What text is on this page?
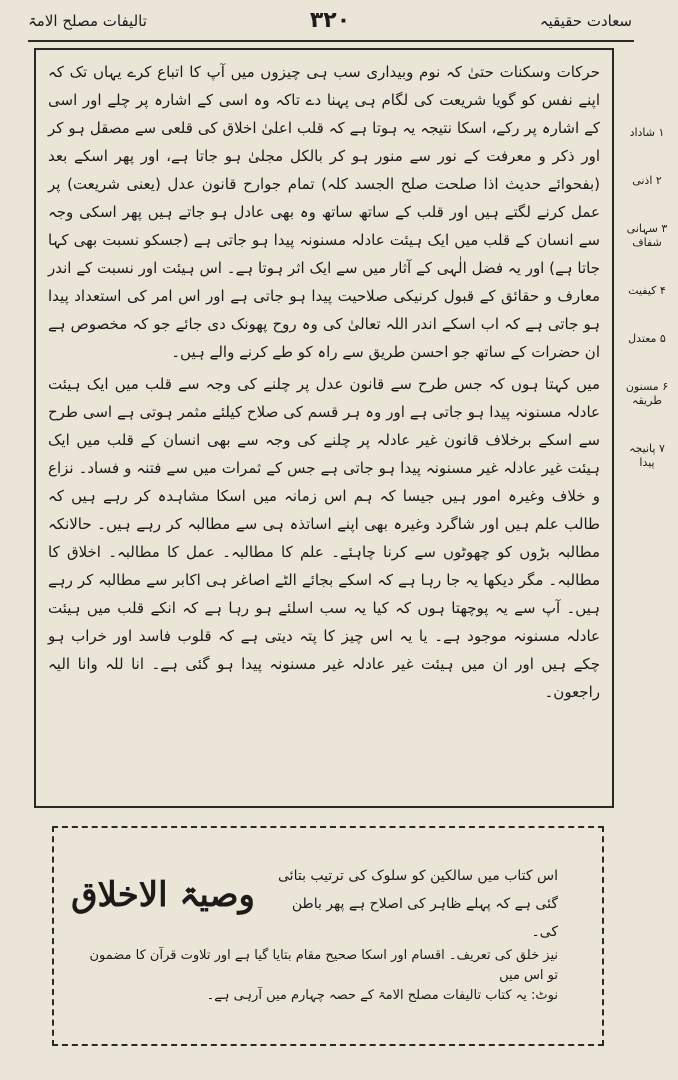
سعادت حقیقیہ
۳۲۰
تالیفات مصلح الامۃ

حرکات وسکنات حتیٰ کہ نوم وبیداری سب ہی چیزوں میں آپ کا اتباع کرے یہاں تک کہ اپنے نفس کو گویا شریعت کی لگام ہی پہنا دے تاکہ وہ اسی کے اشارہ پر چلے اور اسی کے اشارہ پر رکے، اسکا نتیجہ یہ ہوتا ہے کہ قلب اعلیٰ اخلاق کی قلعی سے مصقل ہو کر اور ذکر و معرفت کے نور سے منور ہو کر بالکل مجلیٰ ہو جاتا ہے، اور پھر اسکے بعد (بفحوائے حدیث اذا صلحت صلح الجسد کلہ) تمام جوارح قانون عدل (یعنی شریعت) پر عمل کرنے لگتے ہیں اور قلب کے ساتھ ساتھ وہ بھی عادل ہو جاتے ہیں پھر اسکی وجہ سے انسان کے قلب میں ایک ہیئت عادلہ مسنونہ پیدا ہو جاتی ہے (جسکو نسبت بھی کہا جاتا ہے) اور یہ فضل الٰہی کے آثار میں سے ایک اثر ہوتا ہے۔ اس ہیئت اور نسبت کے اندر معارف و حقائق کے قبول کرنیکی صلاحیت پیدا ہو جاتی ہے اور اس امر کی استعداد پیدا ہو جاتی ہے کہ اب اسکے اندر اللہ تعالیٰ کی وہ روح پھونک دی جائے جو کہ مخصوص ہے ان حضرات کے ساتھ جو احسن طریق سے راہ کو طے کرنے والے ہیں۔

میں کہتا ہوں کہ جس طرح سے قانون عدل پر چلنے کی وجہ سے قلب میں ایک ہیئت عادلہ مسنونہ پیدا ہو جاتی ہے اور وہ ہر قسم کی صلاح کیلئے مثمر ہوتی ہے اسی طرح سے اسکے برخلاف قانون غیر عادلہ پر چلنے کی وجہ سے بھی انسان کے قلب میں ایک ہیئت غیر عادلہ غیر مسنونہ پیدا ہو جاتی ہے جس کے ثمرات میں سے فتنہ و فساد۔ نزاع و خلاف وغیرہ امور ہیں جیسا کہ ہم اس زمانہ میں اسکا مشاہدہ کر رہے ہیں کہ طالب علم ہیں اور شاگرد وغیرہ بھی اپنے اساتذہ ہی سے مطالبہ کر رہے ہیں۔ حالانکہ مطالبہ بڑوں کو چھوٹوں سے کرنا چاہئے۔ علم کا مطالبہ۔ عمل کا مطالبہ۔ اخلاق کا مطالبہ۔ مگر دیکھا یہ جا رہا ہے کہ اسکے بجائے الٹے اصاغر ہی اکابر سے مطالبہ کر رہے ہیں۔ آپ سے یہ پوچھتا ہوں کہ کیا یہ سب اسلئے ہو رہا ہے کہ انکے قلب میں ہیئت عادلہ مسنونہ موجود ہے۔ یا یہ اس چیز کا پتہ دیتی ہے کہ قلوب فاسد اور خراب ہو چکے ہیں اور ان میں ہیئت غیر عادلہ غیر مسنونہ پیدا ہو گئی ہے۔ انا للہ وانا الیہ راجعون۔

۱ شاداد
۲ اذنی
۳ سہانی شفاف
۴ کیفیت
۵ معتدل
۶ مسنون طریقہ
۷ پانیجہ پیدا
وصیۃ الاخلاق اس کتاب میں سالکین کو سلوک کی ترتیب بتائی گئی ہے کہ پہلے ظاہر کی اصلاح ہے پھر باطن کی۔
نیز خلق کی تعریف۔ اقسام اور اسکا صحیح مقام بتایا گیا ہے اور تلاوت قرآن کا مضمون تو اس میں
نوٹ: یہ کتاب تالیفات مصلح الامۃ کے حصہ چہارم میں آرہی ہے۔
